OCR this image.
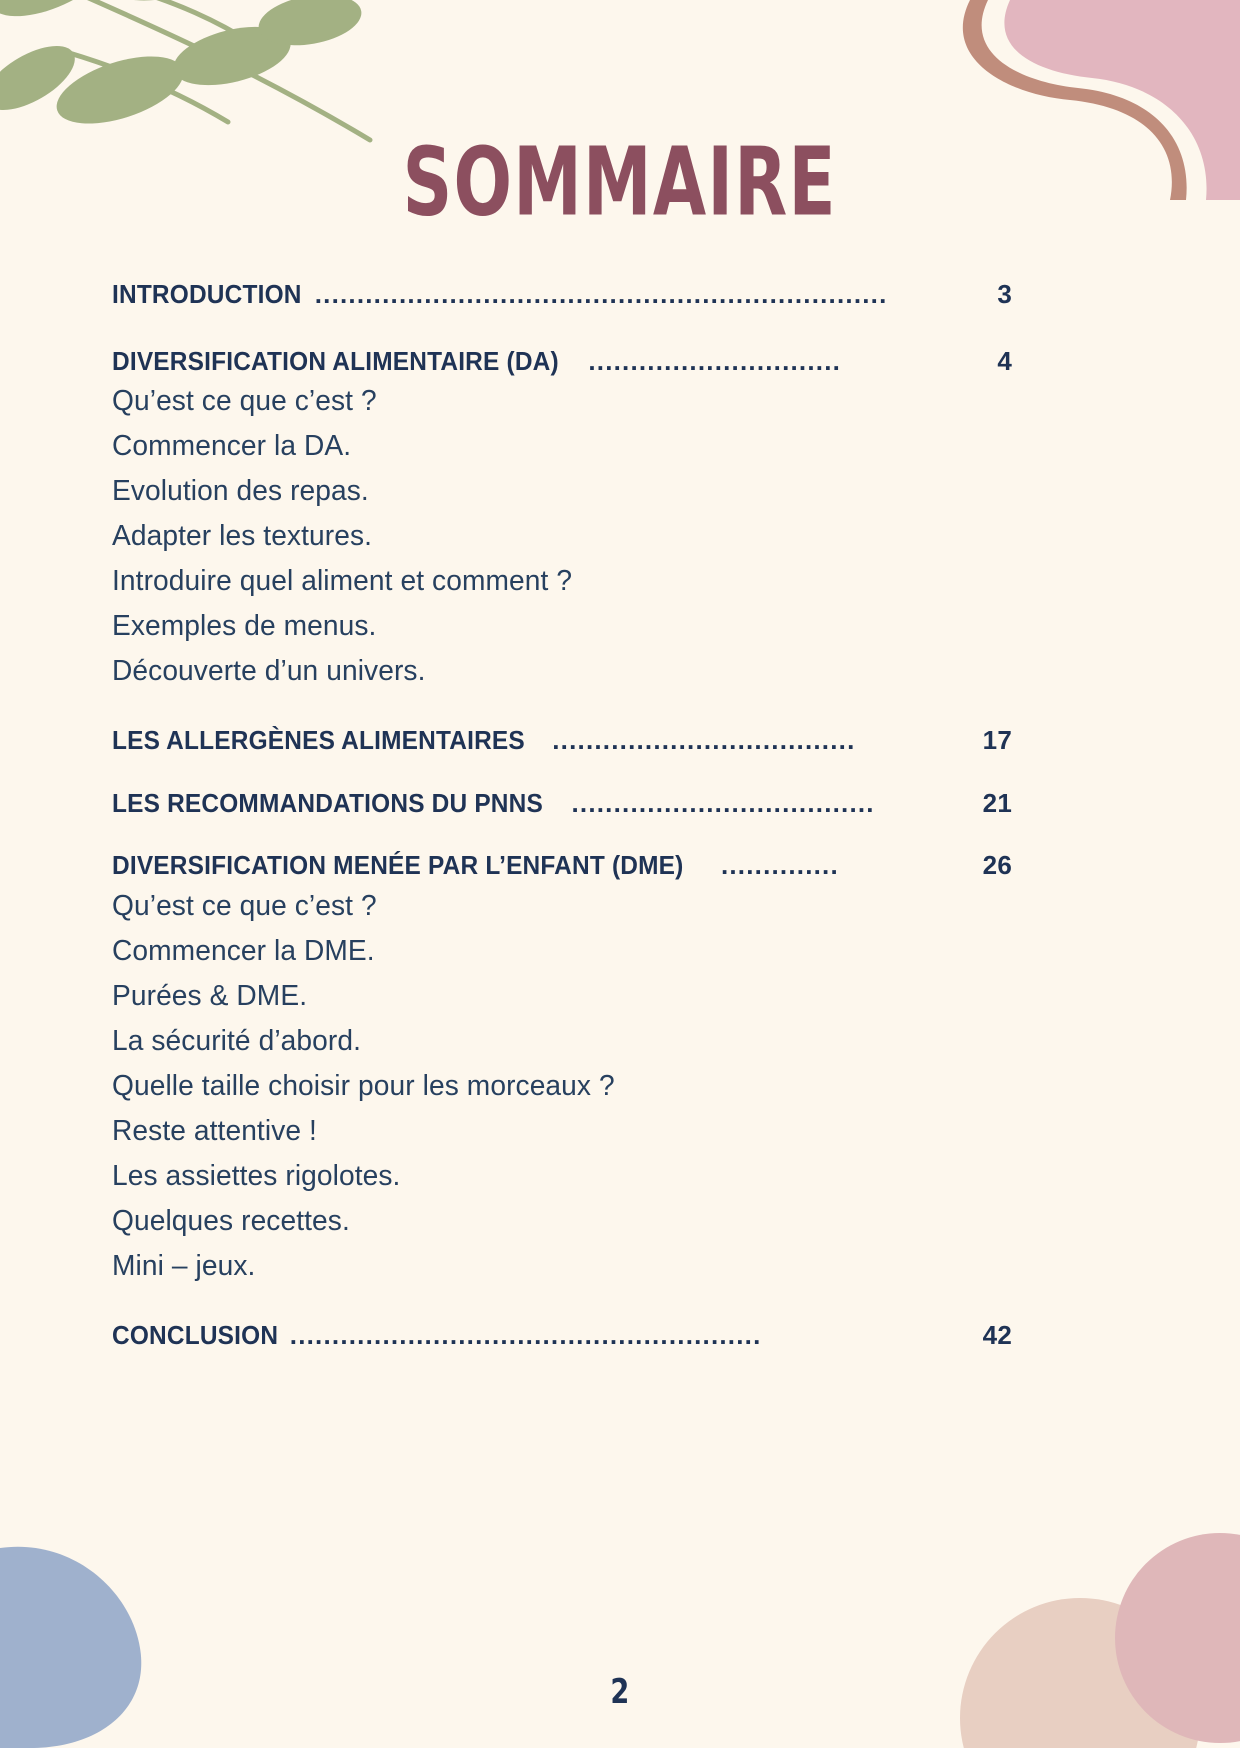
SOMMAIRE
INTRODUCTION ....................................................................	3
DIVERSIFICATION ALIMENTAIRE (DA) ..............................	4
Qu’est ce que c’est ?
Commencer la DA.
Evolution des repas.
Adapter les textures.
Introduire quel aliment et comment ?
Exemples de menus.
Découverte d’un univers.
LES ALLERGÈNES ALIMENTAIRES ....................................	17
LES RECOMMANDATIONS DU PNNS ....................................	21
DIVERSIFICATION MENÉE PAR L’ENFANT (DME) ..............	26
Qu’est ce que c’est ?
Commencer la DME.
Purées & DME.
La sécurité d’abord.
Quelle taille choisir pour les morceaux ?
Reste attentive !
Les assiettes rigolotes.
Quelques recettes.
Mini – jeux.
CONCLUSION ........................................................	42
2
